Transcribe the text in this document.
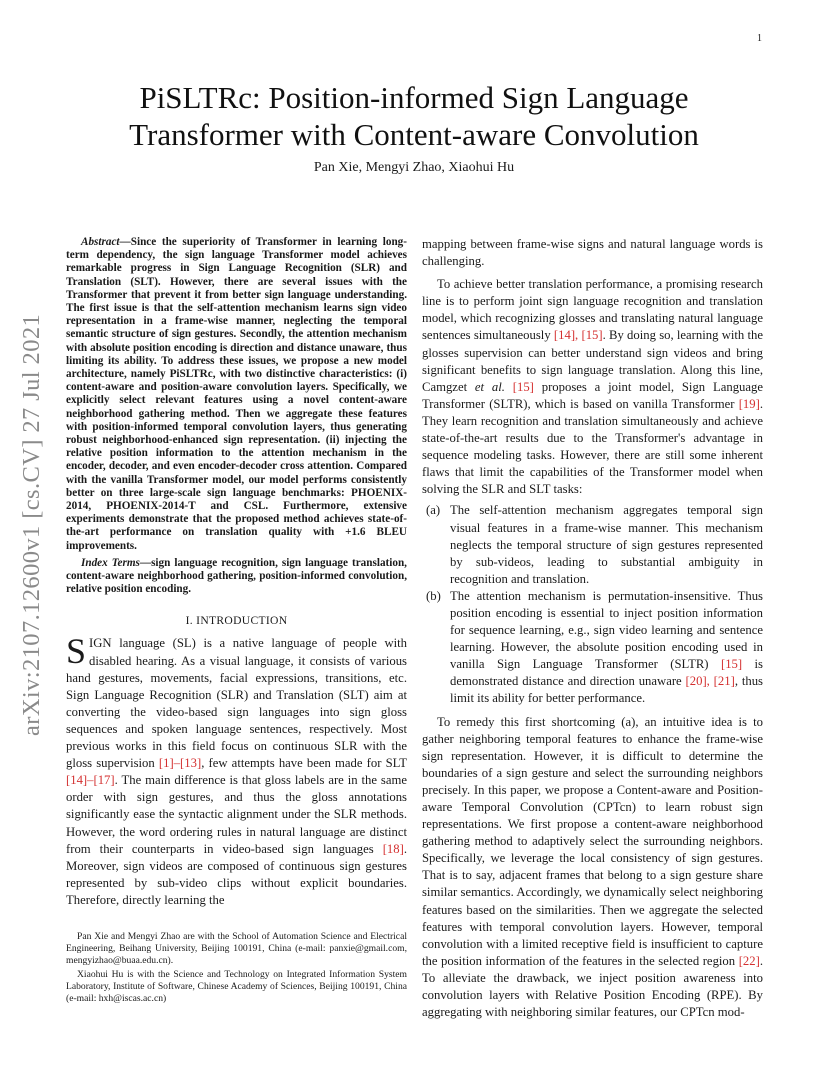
1
arXiv:2107.12600v1 [cs.CV] 27 Jul 2021
PiSLTRc: Position-informed Sign Language Transformer with Content-aware Convolution
Pan Xie, Mengyi Zhao, Xiaohui Hu

Abstract—Since the superiority of Transformer in learning long-term dependency, the sign language Transformer model achieves remarkable progress in Sign Language Recognition (SLR) and Translation (SLT). However, there are several issues with the Transformer that prevent it from better sign language understanding. The first issue is that the self-attention mechanism learns sign video representation in a frame-wise manner, neglecting the temporal semantic structure of sign gestures. Secondly, the attention mechanism with absolute position encoding is direction and distance unaware, thus limiting its ability. To address these issues, we propose a new model architecture, namely PiSLTRc, with two distinctive characteristics: (i) content-aware and position-aware convolution layers. Specifically, we explicitly select relevant features using a novel content-aware neighborhood gathering method. Then we aggregate these features with position-informed temporal convolution layers, thus generating robust neighborhood-enhanced sign representation. (ii) injecting the relative position information to the attention mechanism in the encoder, decoder, and even encoder-decoder cross attention. Compared with the vanilla Transformer model, our model performs consistently better on three large-scale sign language benchmarks: PHOENIX-2014, PHOENIX-2014-T and CSL. Furthermore, extensive experiments demonstrate that the proposed method achieves state-of-the-art performance on translation quality with +1.6 BLEU improvements.

Index Terms—sign language recognition, sign language translation, content-aware neighborhood gathering, position-informed convolution, relative position encoding.

I. INTRODUCTION

SIGN language (SL) is a native language of people with disabled hearing. As a visual language, it consists of various hand gestures, movements, facial expressions, transitions, etc. Sign Language Recognition (SLR) and Translation (SLT) aim at converting the video-based sign languages into sign gloss sequences and spoken language sentences, respectively. Most previous works in this field focus on continuous SLR with the gloss supervision [1]–[13], few attempts have been made for SLT [14]–[17]. The main difference is that gloss labels are in the same order with sign gestures, and thus the gloss annotations significantly ease the syntactic alignment under the SLR methods. However, the word ordering rules in natural language are distinct from their counterparts in video-based sign languages [18]. Moreover, sign videos are composed of continuous sign gestures represented by sub-video clips without explicit boundaries. Therefore, directly learning the

Pan Xie and Mengyi Zhao are with the School of Automation Science and Electrical Engineering, Beihang University, Beijing 100191, China (e-mail: panxie@gmail.com, mengyizhao@buaa.edu.cn).

Xiaohui Hu is with the Science and Technology on Integrated Information System Laboratory, Institute of Software, Chinese Academy of Sciences, Beijing 100191, China (e-mail: hxh@iscas.ac.cn)

mapping between frame-wise signs and natural language words is challenging.

To achieve better translation performance, a promising research line is to perform joint sign language recognition and translation model, which recognizing glosses and translating natural language sentences simultaneously [14], [15]. By doing so, learning with the glosses supervision can better understand sign videos and bring significant benefits to sign language translation. Along this line, Camgzet et al. [15] proposes a joint model, Sign Language Transformer (SLTR), which is based on vanilla Transformer [19]. They learn recognition and translation simultaneously and achieve state-of-the-art results due to the Transformer's advantage in sequence modeling tasks. However, there are still some inherent flaws that limit the capabilities of the Transformer model when solving the SLR and SLT tasks:

(a) The self-attention mechanism aggregates temporal sign visual features in a frame-wise manner. This mechanism neglects the temporal structure of sign gestures represented by sub-videos, leading to substantial ambiguity in recognition and translation.
(b) The attention mechanism is permutation-insensitive. Thus position encoding is essential to inject position information for sequence learning, e.g., sign video learning and sentence learning. However, the absolute position encoding used in vanilla Sign Language Transformer (SLTR) [15] is demonstrated distance and direction unaware [20], [21], thus limit its ability for better performance.

To remedy this first shortcoming (a), an intuitive idea is to gather neighboring temporal features to enhance the frame-wise sign representation. However, it is difficult to determine the boundaries of a sign gesture and select the surrounding neighbors precisely. In this paper, we propose a Content-aware and Position-aware Temporal Convolution (CPTcn) to learn robust sign representations. We first propose a content-aware neighborhood gathering method to adaptively select the surrounding neighbors. Specifically, we leverage the local consistency of sign gestures. That is to say, adjacent frames that belong to a sign gesture share similar semantics. Accordingly, we dynamically select neighboring features based on the similarities. Then we aggregate the selected features with temporal convolution layers. However, temporal convolution with a limited receptive field is insufficient to capture the position information of the features in the selected region [22]. To alleviate the drawback, we inject position awareness into convolution layers with Relative Position Encoding (RPE). By aggregating with neighboring similar features, our CPTcn mod-
